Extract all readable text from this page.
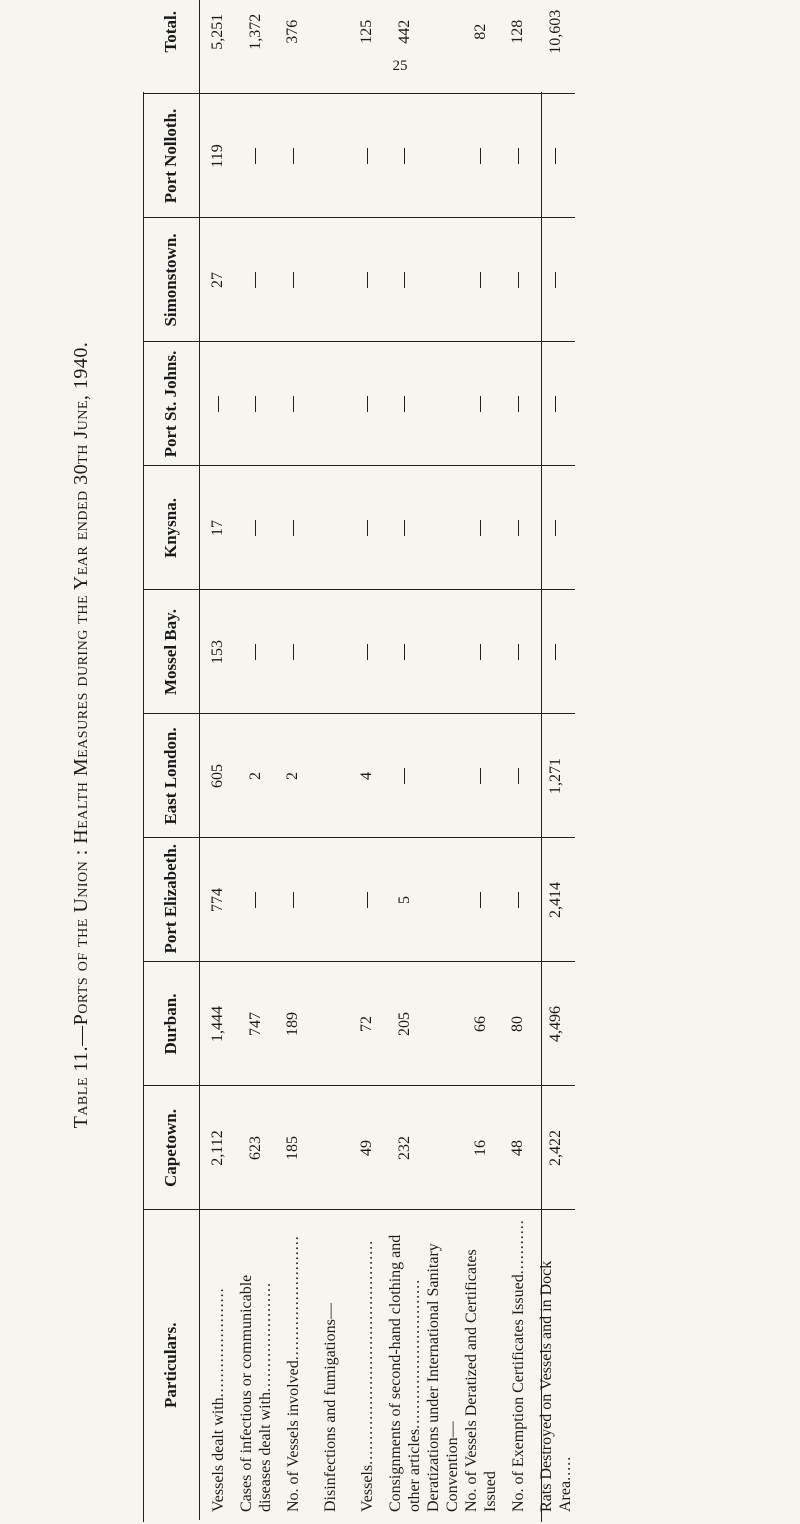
25
Table 11.—Ports of the Union : Health Measures during the Year ended 30th June, 1940.
Particulars.	Capetown.	Durban.	Port Elizabeth.	East London.	Mossel Bay.	Knysna.	Port St. Johns.	Simonstown.	Port Nolloth.	Total.
Vessels dealt with......................	2,112	1,444	774	605	153	17		27	119	5,251
Cases of infectious or communicable diseases dealt with......................	623	747		2						1,372
No. of Vessels involved.........................	185	189		2						376
Disinfections and fumigations—										
Vessels.............................................	49	72		4						125
Consignments of second-hand clothing and other articles..............................	232	205	5							442
Deratizations under International Sanitary Convention—										
No. of Vessels Deratized and Certificates Issued	16	66								82
No. of Exemption Certificates Issued...........	48	80								128
Rats Destroyed on Vessels and in Dock Area.....	2,422	4,496	2,414	1,271						10,603
